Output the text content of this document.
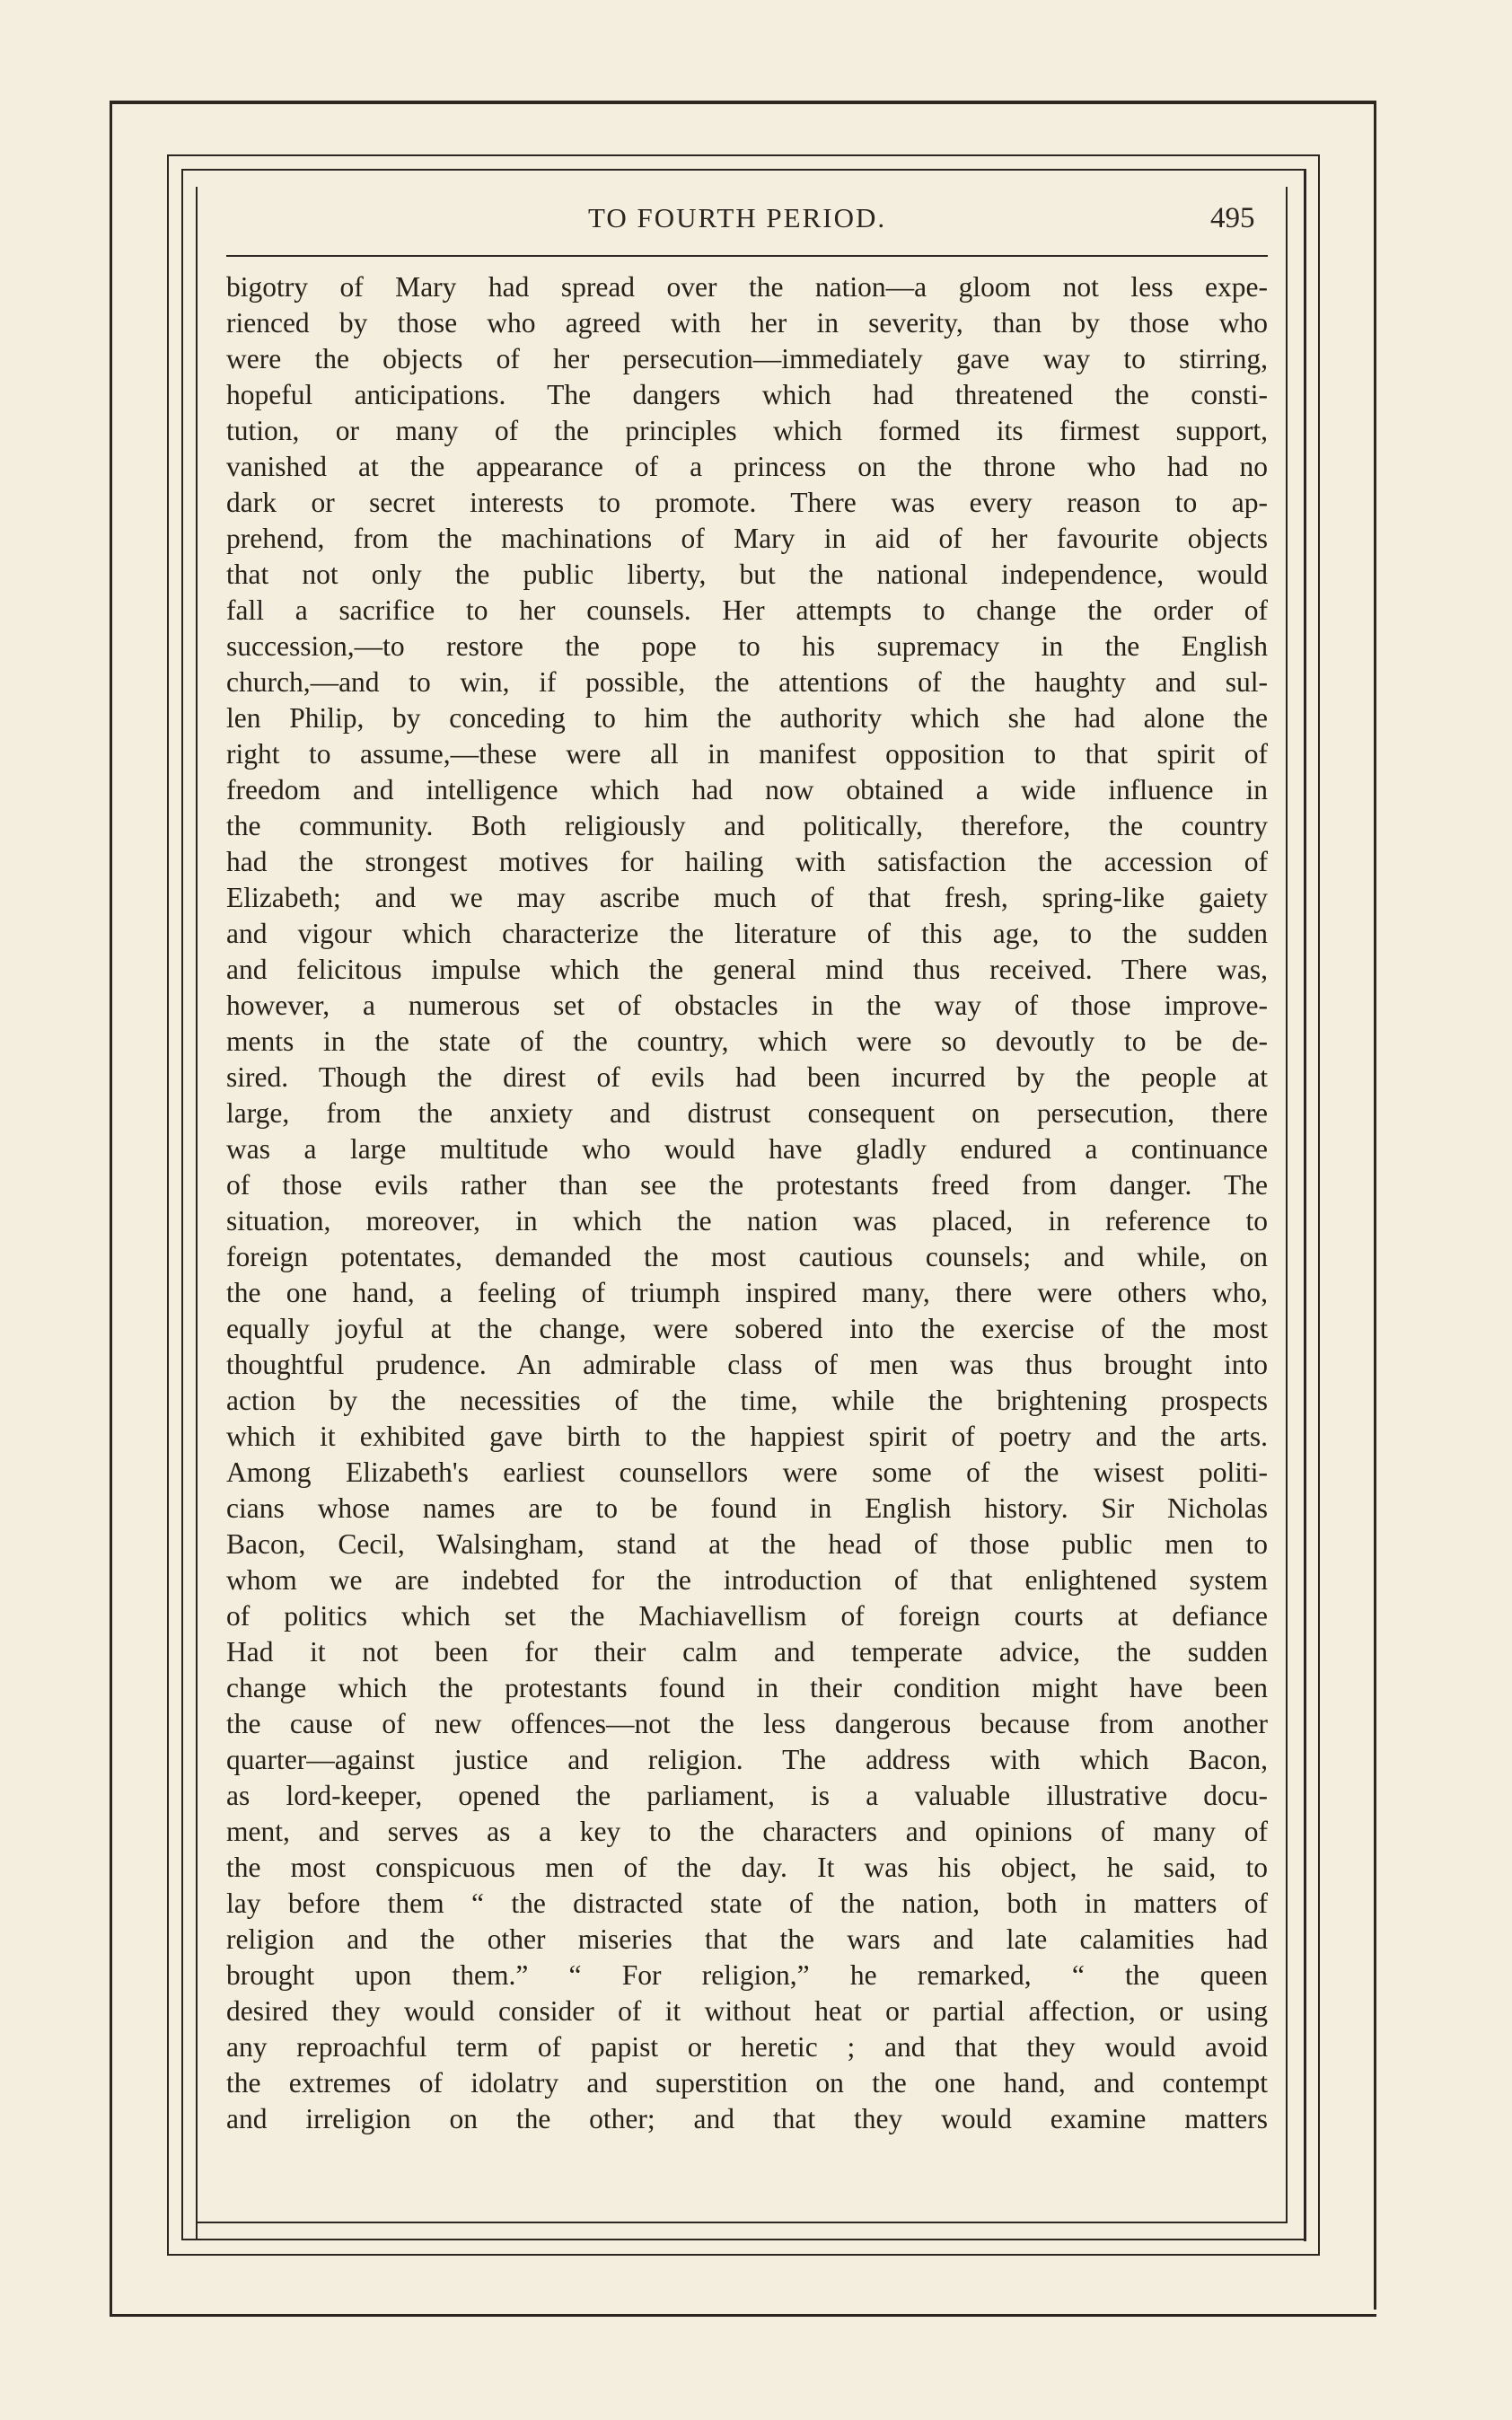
TO FOURTH PERIOD.	495
bigotry of Mary had spread over the nation—a gloom not less expe-
rienced by those who agreed with her in severity, than by those who
were the objects of her persecution—immediately gave way to stirring,
hopeful anticipations. The dangers which had threatened the consti-
tution, or many of the principles which formed its firmest support,
vanished at the appearance of a princess on the throne who had no
dark or secret interests to promote. There was every reason to ap-
prehend, from the machinations of Mary in aid of her favourite objects
that not only the public liberty, but the national independence, would
fall a sacrifice to her counsels. Her attempts to change the order of
succession,—to restore the pope to his supremacy in the English
church,—and to win, if possible, the attentions of the haughty and sul-
len Philip, by conceding to him the authority which she had alone the
right to assume,—these were all in manifest opposition to that spirit of
freedom and intelligence which had now obtained a wide influence in
the community. Both religiously and politically, therefore, the country
had the strongest motives for hailing with satisfaction the accession of
Elizabeth; and we may ascribe much of that fresh, spring-like gaiety
and vigour which characterize the literature of this age, to the sudden
and felicitous impulse which the general mind thus received. There was,
however, a numerous set of obstacles in the way of those improve-
ments in the state of the country, which were so devoutly to be de-
sired. Though the direst of evils had been incurred by the people at
large, from the anxiety and distrust consequent on persecution, there
was a large multitude who would have gladly endured a continuance
of those evils rather than see the protestants freed from danger. The
situation, moreover, in which the nation was placed, in reference to
foreign potentates, demanded the most cautious counsels; and while, on
the one hand, a feeling of triumph inspired many, there were others who,
equally joyful at the change, were sobered into the exercise of the most
thoughtful prudence. An admirable class of men was thus brought into
action by the necessities of the time, while the brightening prospects
which it exhibited gave birth to the happiest spirit of poetry and the arts.
Among Elizabeth's earliest counsellors were some of the wisest politi-
cians whose names are to be found in English history. Sir Nicholas
Bacon, Cecil, Walsingham, stand at the head of those public men to
whom we are indebted for the introduction of that enlightened system
of politics which set the Machiavellism of foreign courts at defiance
Had it not been for their calm and temperate advice, the sudden
change which the protestants found in their condition might have been
the cause of new offences—not the less dangerous because from another
quarter—against justice and religion. The address with which Bacon,
as lord-keeper, opened the parliament, is a valuable illustrative docu-
ment, and serves as a key to the characters and opinions of many of
the most conspicuous men of the day. It was his object, he said, to
lay before them “ the distracted state of the nation, both in matters of
religion and the other miseries that the wars and late calamities had
brought upon them.” “ For religion,” he remarked, “ the queen
desired they would consider of it without heat or partial affection, or using
any reproachful term of papist or heretic ; and that they would avoid
the extremes of idolatry and superstition on the one hand, and contempt
and irreligion on the other; and that they would examine matters
